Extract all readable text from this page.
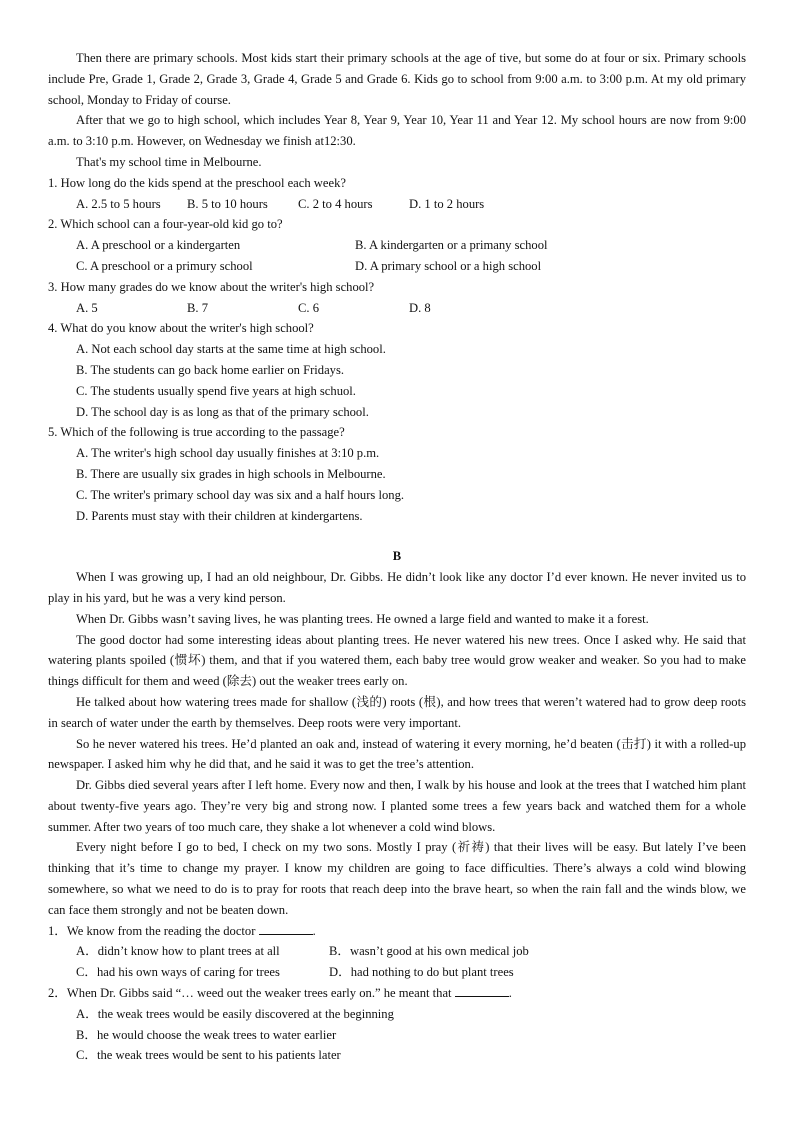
Then there are primary schools. Most kids start their primary schools at the age of tive, but some do at four or six. Primary schools include Pre, Grade 1, Grade 2, Grade 3, Grade 4, Grade 5 and Grade 6. Kids go to school from 9:00 a.m. to 3:00 p.m. At my old primary school, Monday to Friday of course.

After that we go to high school, which includes Year 8, Year 9, Year 10, Year 11 and Year 12. My school hours are now from 9:00 a.m. to 3:10 p.m. However, on Wednesday we finish at12:30.

That's my school time in Melbourne.

1. How long do the kids spend at the preschool each week?

A. 2.5 to 5 hours	B. 5 to 10 hours	C. 2 to 4 hours	D. 1 to 2 hours

2. Which school can a four-year-old kid go to?

A. A preschool or a kindergarten	B. A kindergarten or a primany school
C. A preschool or a primury school	D. A primary school or a high school

3. How many grades do we know about the writer's high school?

A. 5	B. 7	C. 6	D. 8

4. What do you know about the writer's high school?

A. Not each school day starts at the same time at high school.

B. The students can go back home earlier on Fridays.

C. The students usually spend five years at high schuol.

D. The school day is as long as that of the primary school.

5. Which of the following is true according to the passage?

A. The writer's high school day usually finishes at 3:10 p.m.

B. There are usually six grades in high schools in Melbourne.

C. The writer's primary school day was six and a half hours long.

D. Parents must stay with their children at kindergartens.

B

When I was growing up, I had an old neighbour, Dr. Gibbs. He didn’t look like any doctor I’d ever known. He never invited us to play in his yard, but he was a very kind person.

When Dr. Gibbs wasn’t saving lives, he was planting trees. He owned a large field and wanted to make it a forest.

The good doctor had some interesting ideas about planting trees. He never watered his new trees. Once I asked why. He said that watering plants spoiled (惯坏) them, and that if you watered them, each baby tree would grow weaker and weaker. So you had to make things difficult for them and weed (除去) out the weaker trees early on.

He talked about how watering trees made for shallow (浅的) roots (根), and how trees that weren’t watered had to grow deep roots in search of water under the earth by themselves. Deep roots were very important.

So he never watered his trees. He’d planted an oak and, instead of watering it every morning, he’d beaten (击打) it with a rolled-up newspaper. I asked him why he did that, and he said it was to get the tree’s attention.

Dr. Gibbs died several years after I left home. Every now and then, I walk by his house and look at the trees that I watched him plant about twenty-five years ago. They’re very big and strong now. I planted some trees a few years back and watched them for a whole summer. After two years of too much care, they shake a lot whenever a cold wind blows.

Every night before I go to bed, I check on my two sons. Mostly I pray (祈祷) that their lives will be easy. But lately I’ve been thinking that it’s time to change my prayer. I know my children are going to face difficulties. There’s always a cold wind blowing somewhere, so what we need to do is to pray for roots that reach deep into the brave heart, so when the rain fall and the winds blow, we can face them strongly and not be beaten down.

1．We know from the reading the doctor	.

A．didn’t know how to plant trees at all	B．wasn’t good at his own medical job
C．had his own ways of caring for trees	D．had nothing to do but plant trees

2．When Dr. Gibbs said “… weed out the weaker trees early on.” he meant that	.

A．the weak trees would be easily discovered at the beginning

B．he would choose the weak trees to water earlier

C．the weak trees would be sent to his patients later
